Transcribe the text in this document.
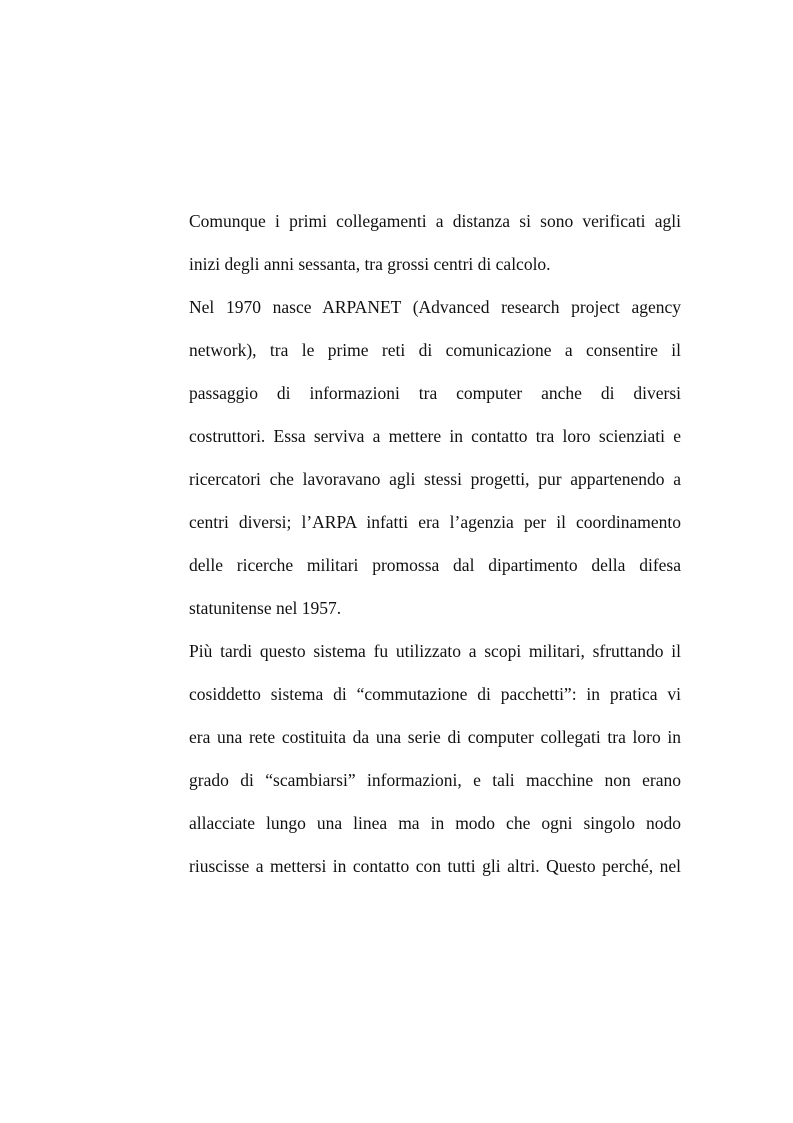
Comunque i primi collegamenti a distanza si sono verificati agli
inizi degli anni sessanta, tra grossi centri di calcolo.
Nel 1970 nasce ARPANET (Advanced research project agency
network), tra le prime reti di comunicazione a consentire il
passaggio di informazioni tra computer anche di diversi
costruttori. Essa serviva a mettere in contatto tra loro scienziati e
ricercatori che lavoravano agli stessi progetti, pur appartenendo a
centri diversi; l’ARPA infatti era l’agenzia per il coordinamento
delle ricerche militari promossa dal dipartimento della difesa
statunitense nel 1957.
Più tardi questo sistema fu utilizzato a scopi militari, sfruttando il
cosiddetto sistema di “commutazione di pacchetti”: in pratica vi
era una rete costituita da una serie di computer collegati tra loro in
grado di “scambiarsi” informazioni, e tali macchine non erano
allacciate lungo una linea ma in modo che ogni singolo nodo
riuscisse a mettersi in contatto con tutti gli altri. Questo perché, nel
